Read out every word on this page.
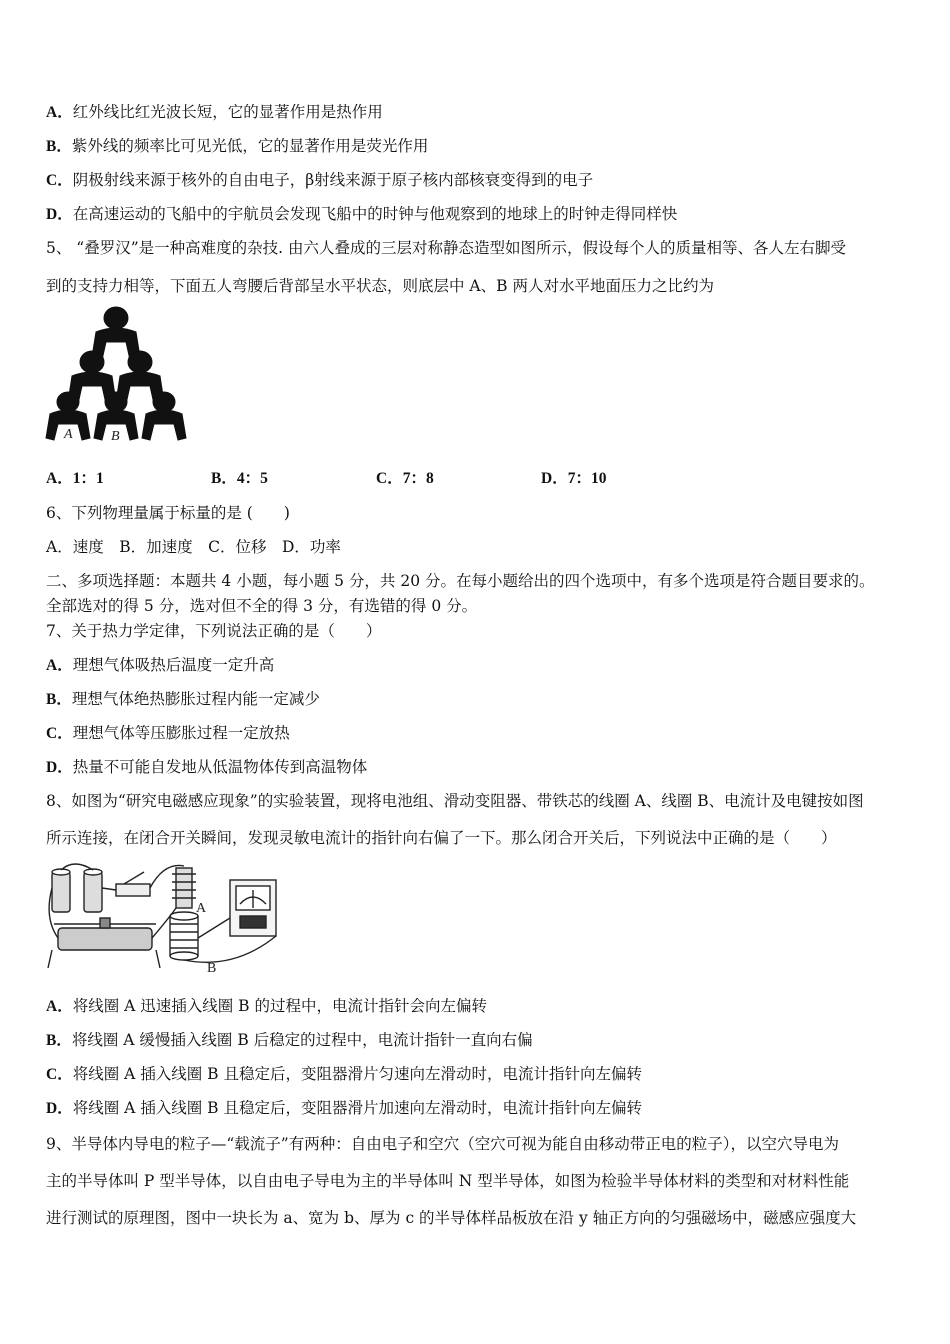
A．红外线比红光波长短，它的显著作用是热作用
B．紫外线的频率比可见光低，它的显著作用是荧光作用
C．阴极射线来源于核外的自由电子，β射线来源于原子核内部核衰变得到的电子
D．在高速运动的飞船中的宇航员会发现飞船中的时钟与他观察到的地球上的时钟走得同样快
5、 “叠罗汉”是一种高难度的杂技. 由六人叠成的三层对称静态造型如图所示，假设每个人的质量相等、各人左右脚受
到的支持力相等，下面五人弯腰后背部呈水平状态，则底层中 A、B 两人对水平地面压力之比约为
A	B
A．1：1	B．4：5	C．7：8	D．7：10
6、下列物理量属于标量的是 (　　)
A．速度　B．加速度　C．位移　D．功率
二、多项选择题：本题共 4 小题，每小题 5 分，共 20 分。在每小题给出的四个选项中，有多个选项是符合题目要求的。
全部选对的得 5 分，选对但不全的得 3 分，有选错的得 0 分。
7、关于热力学定律，下列说法正确的是（　　）
A．理想气体吸热后温度一定升高
B．理想气体绝热膨胀过程内能一定减少
C．理想气体等压膨胀过程一定放热
D．热量不可能自发地从低温物体传到高温物体
8、如图为“研究电磁感应现象”的实验装置，现将电池组、滑动变阻器、带铁芯的线圈 A、线圈 B、电流计及电键按如图
所示连接，在闭合开关瞬间，发现灵敏电流计的指针向右偏了一下。那么闭合开关后，下列说法中正确的是（　　）
A
B
A．将线圈 A 迅速插入线圈 B 的过程中，电流计指针会向左偏转
B．将线圈 A 缓慢插入线圈 B 后稳定的过程中，电流计指针一直向右偏
C．将线圈 A 插入线圈 B 且稳定后，变阻器滑片匀速向左滑动时，电流计指针向左偏转
D．将线圈 A 插入线圈 B 且稳定后，变阻器滑片加速向左滑动时，电流计指针向左偏转
9、半导体内导电的粒子—“载流子”有两种：自由电子和空穴（空穴可视为能自由移动带正电的粒子），以空穴导电为
主的半导体叫 P 型半导体，以自由电子导电为主的半导体叫 N 型半导体，如图为检验半导体材料的类型和对材料性能
进行测试的原理图，图中一块长为 a、宽为 b、厚为 c 的半导体样品板放在沿 y 轴正方向的匀强磁场中，磁感应强度大
